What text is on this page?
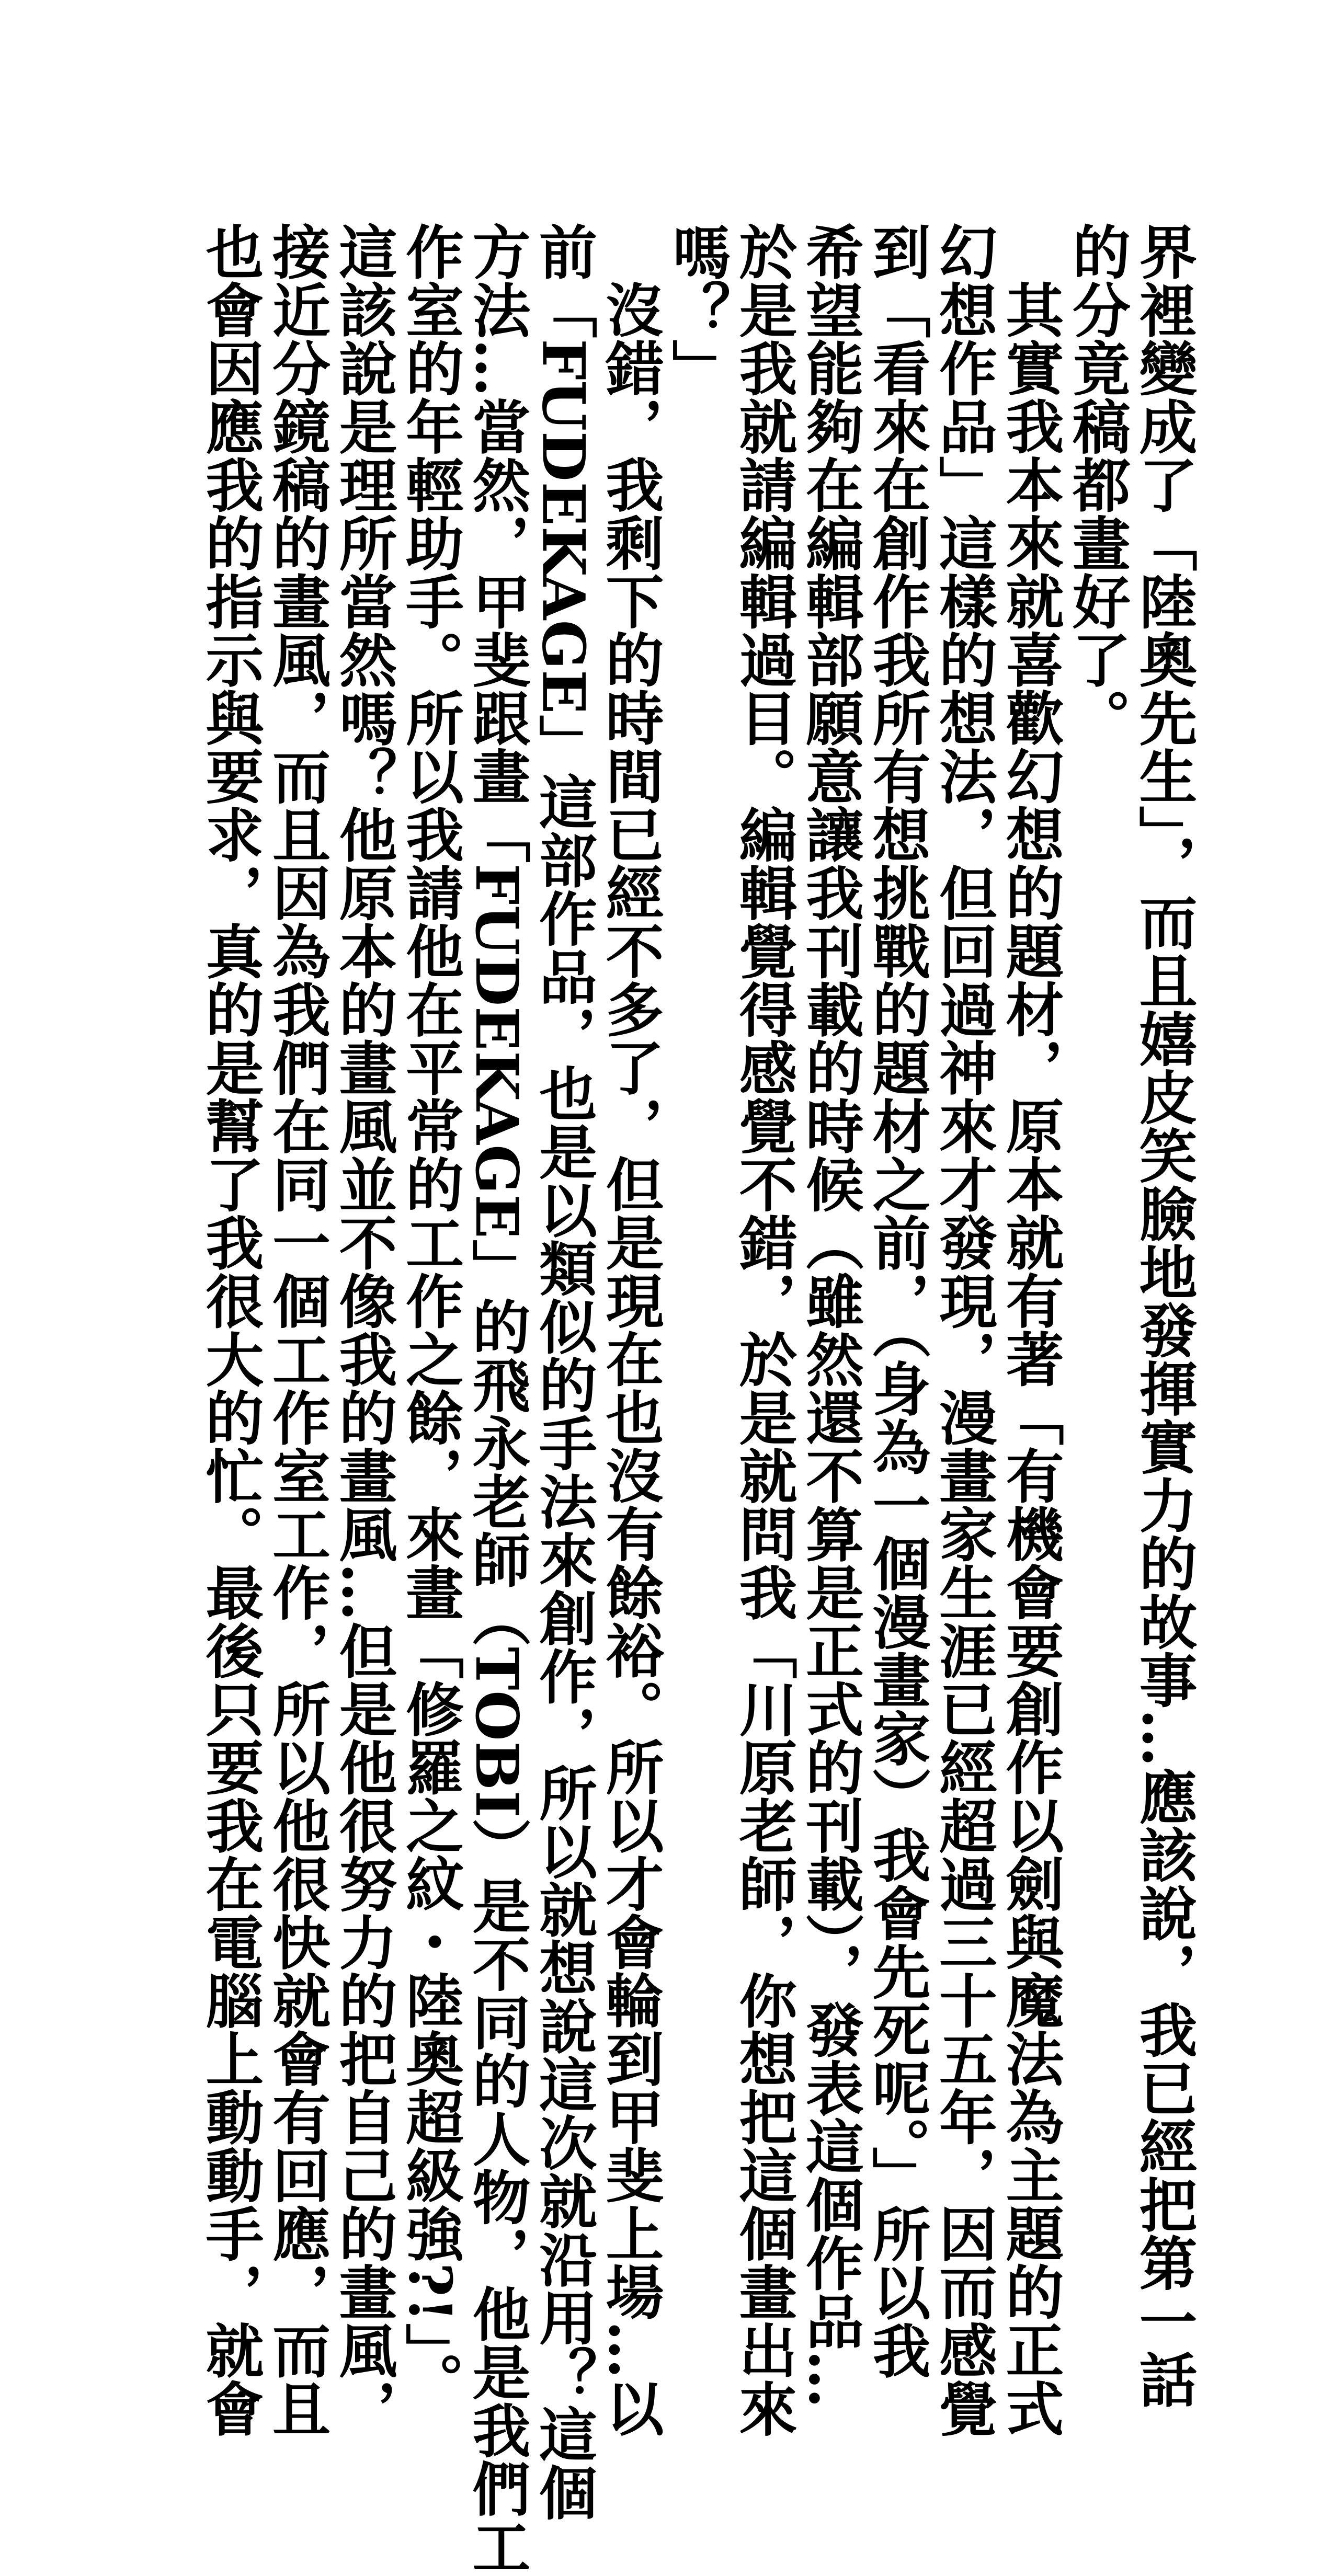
界裡變成了「陸奧先生」，而且嬉皮笑臉地發揮實力的故事…應該說，我已經把第一話
的分竟稿都畫好了。
其實我本來就喜歡幻想的題材，原本就有著「有機會要創作以劍與魔法為主題的正式
幻想作品」這樣的想法，但回過神來才發現，漫畫家生涯已經超過三十五年，因而感覺
到「看來在創作我所有想挑戰的題材之前，（身為一個漫畫家）我會先死呢。」所以我
希望能夠在編輯部願意讓我刊載的時候（雖然還不算是正式的刊載），發表這個作品…
於是我就請編輯過目。編輯覺得感覺不錯，於是就問我「川原老師，你想把這個畫出來
嗎？」
沒錯，我剩下的時間已經不多了，但是現在也沒有餘裕。所以才會輪到甲斐上場…以
前「FUDEKAGE」這部作品，也是以類似的手法來創作，所以就想說這次就沿用？這個
方法…當然，甲斐跟畫「FUDEKAGE」的飛永老師（TOBI）是不同的人物，他是我們工
作室的年輕助手。所以我請他在平常的工作之餘，來畫「修羅之紋・陸奧超級強?!」。
這該說是理所當然嗎？他原本的畫風並不像我的畫風…但是他很努力的把自己的畫風，
接近分鏡稿的畫風，而且因為我們在同一個工作室工作，所以他很快就會有回應，而且
也會因應我的指示與要求，真的是幫了我很大的忙。最後只要我在電腦上動動手，就會
